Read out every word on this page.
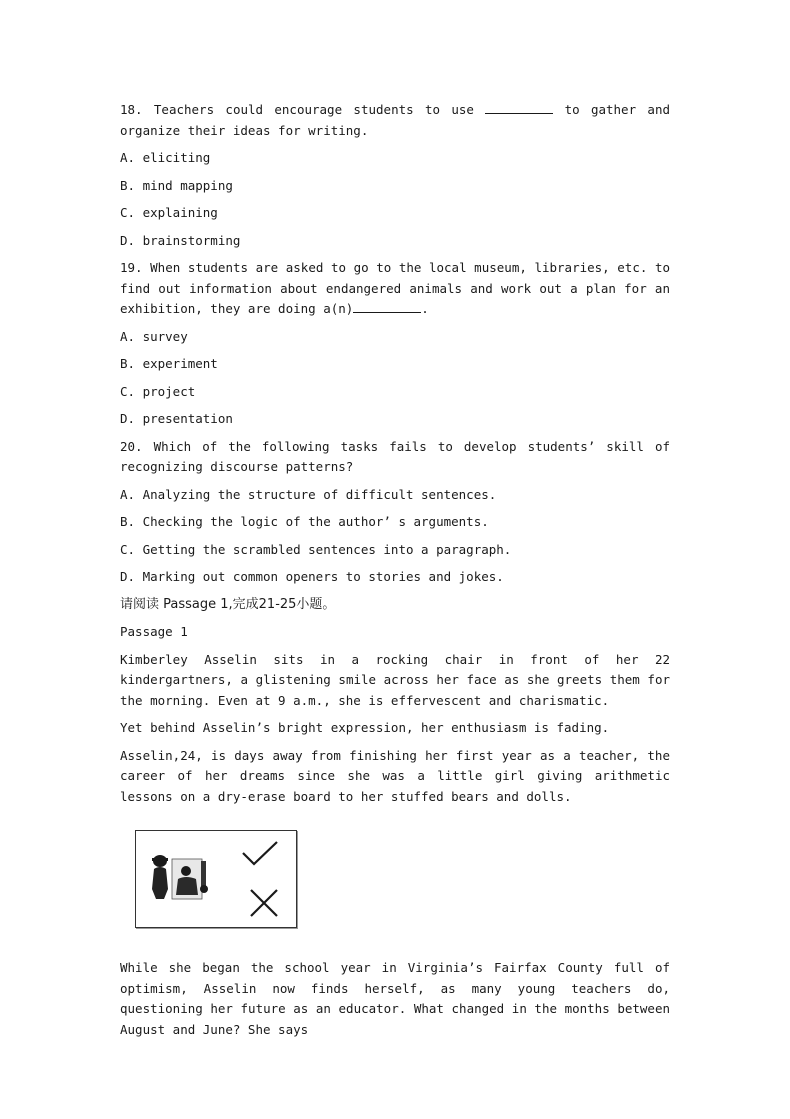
18. Teachers could encourage students to use	to gather and organize their ideas for writing.

A. eliciting
B. mind mapping
C. explaining
D. brainstorming

19. When students are asked to go to the local museum, libraries, etc. to find out information about endangered animals and work out a plan for an exhibition, they are doing a(n)	.

A. survey
B. experiment
C. project
D. presentation

20. Which of the following tasks fails to develop students’ skill of recognizing discourse patterns?

A. Analyzing the structure of difficult sentences.
B. Checking the logic of the author’ s arguments.
C. Getting the scrambled sentences into a paragraph.
D. Marking out common openers to stories and jokes.
请阅读 Passage 1,完成21-25小题。
Passage 1

Kimberley Asselin sits in a rocking chair in front of her 22 kindergartners, a glistening smile across her face as she greets them for the morning. Even at 9 a.m., she is effervescent and charismatic.

Yet behind Asselin’s bright expression, her enthusiasm is fading.

Asselin,24, is days away from finishing her first year as a teacher, the career of her dreams since she was a little girl giving arithmetic lessons on a dry-erase board to her stuffed bears and dolls.

While she began the school year in Virginia’s Fairfax County full of optimism, Asselin now finds herself, as many young teachers do, questioning her future as an educator. What changed in the months between August and June? She says
